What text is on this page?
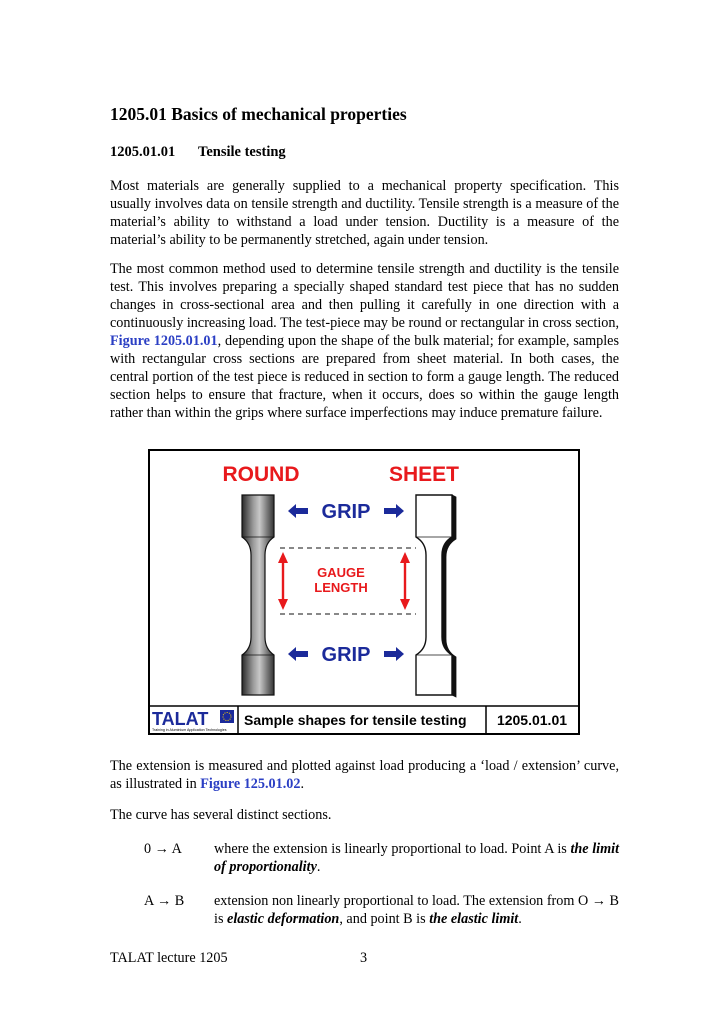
1205.01 Basics of mechanical properties
1205.01.01 Tensile testing
Most materials are generally supplied to a mechanical property specification. This usually involves data on tensile strength and ductility. Tensile strength is a measure of the material’s ability to withstand a load under tension. Ductility is a measure of the material’s ability to be permanently stretched, again under tension.
The most common method used to determine tensile strength and ductility is the tensile test. This involves preparing a specially shaped standard test piece that has no sudden changes in cross-sectional area and then pulling it carefully in one direction with a continuously increasing load. The test-piece may be round or rectangular in cross section, Figure 1205.01.01, depending upon the shape of the bulk material; for example, samples with rectangular cross sections are prepared from sheet material. In both cases, the central portion of the test piece is reduced in section to form a gauge length. The reduced section helps to ensure that fracture, when it occurs, does so within the gauge length rather than within the grips where surface imperfections may induce premature failure.
ROUND	SHEET
GRIP
GAUGE
LENGTH
GRIP
TALAT
Training in Aluminium Application Technologies
Sample shapes for tensile testing 1205.01.01
The extension is measured and plotted against load producing a ‘load / extension’ curve, as illustrated in Figure 125.01.02.
The curve has several distinct sections.
0 → A	where the extension is linearly proportional to load. Point A is the limit of proportionality.
A → B	extension non linearly proportional to load. The extension from O → B is elastic deformation, and point B is the elastic limit.
TALAT lecture 1205	3
